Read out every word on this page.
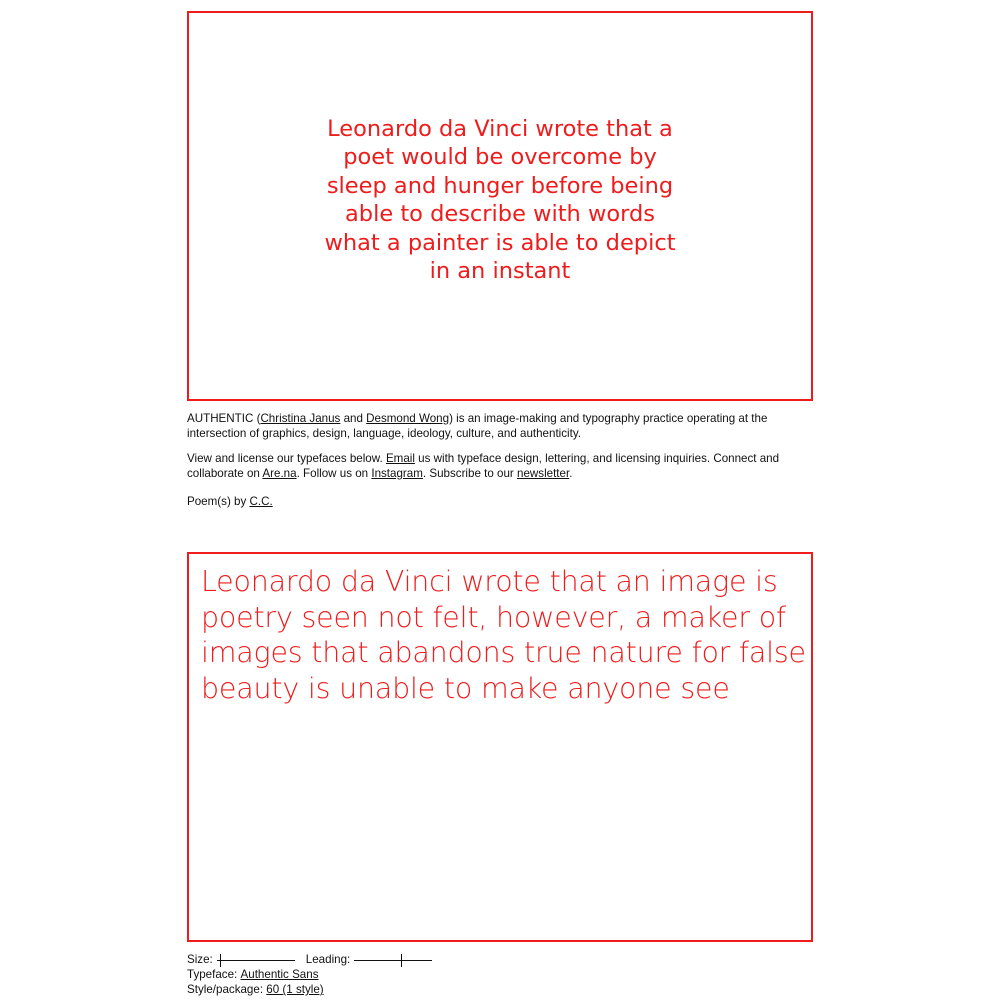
Leonardo da Vinci wrote that a poet would be overcome by sleep and hunger before being able to describe with words what a painter is able to depict in an instant

AUTHENTIC (Christina Janus and Desmond Wong) is an image-making and typography practice operating at the intersection of graphics, design, language, ideology, culture, and authenticity.

View and license our typefaces below. Email us with typeface design, lettering, and licensing inquiries. Connect and collaborate on Are.na. Follow us on Instagram. Subscribe to our newsletter.

Poem(s) by C.C.

Leonardo da Vinci wrote that an image is poetry seen not felt, however, a maker of images that abandons true nature for false beauty is unable to make anyone see
Size:	Leading:
Typeface:
Authentic Sans
Style/package:
60 (1 style)
